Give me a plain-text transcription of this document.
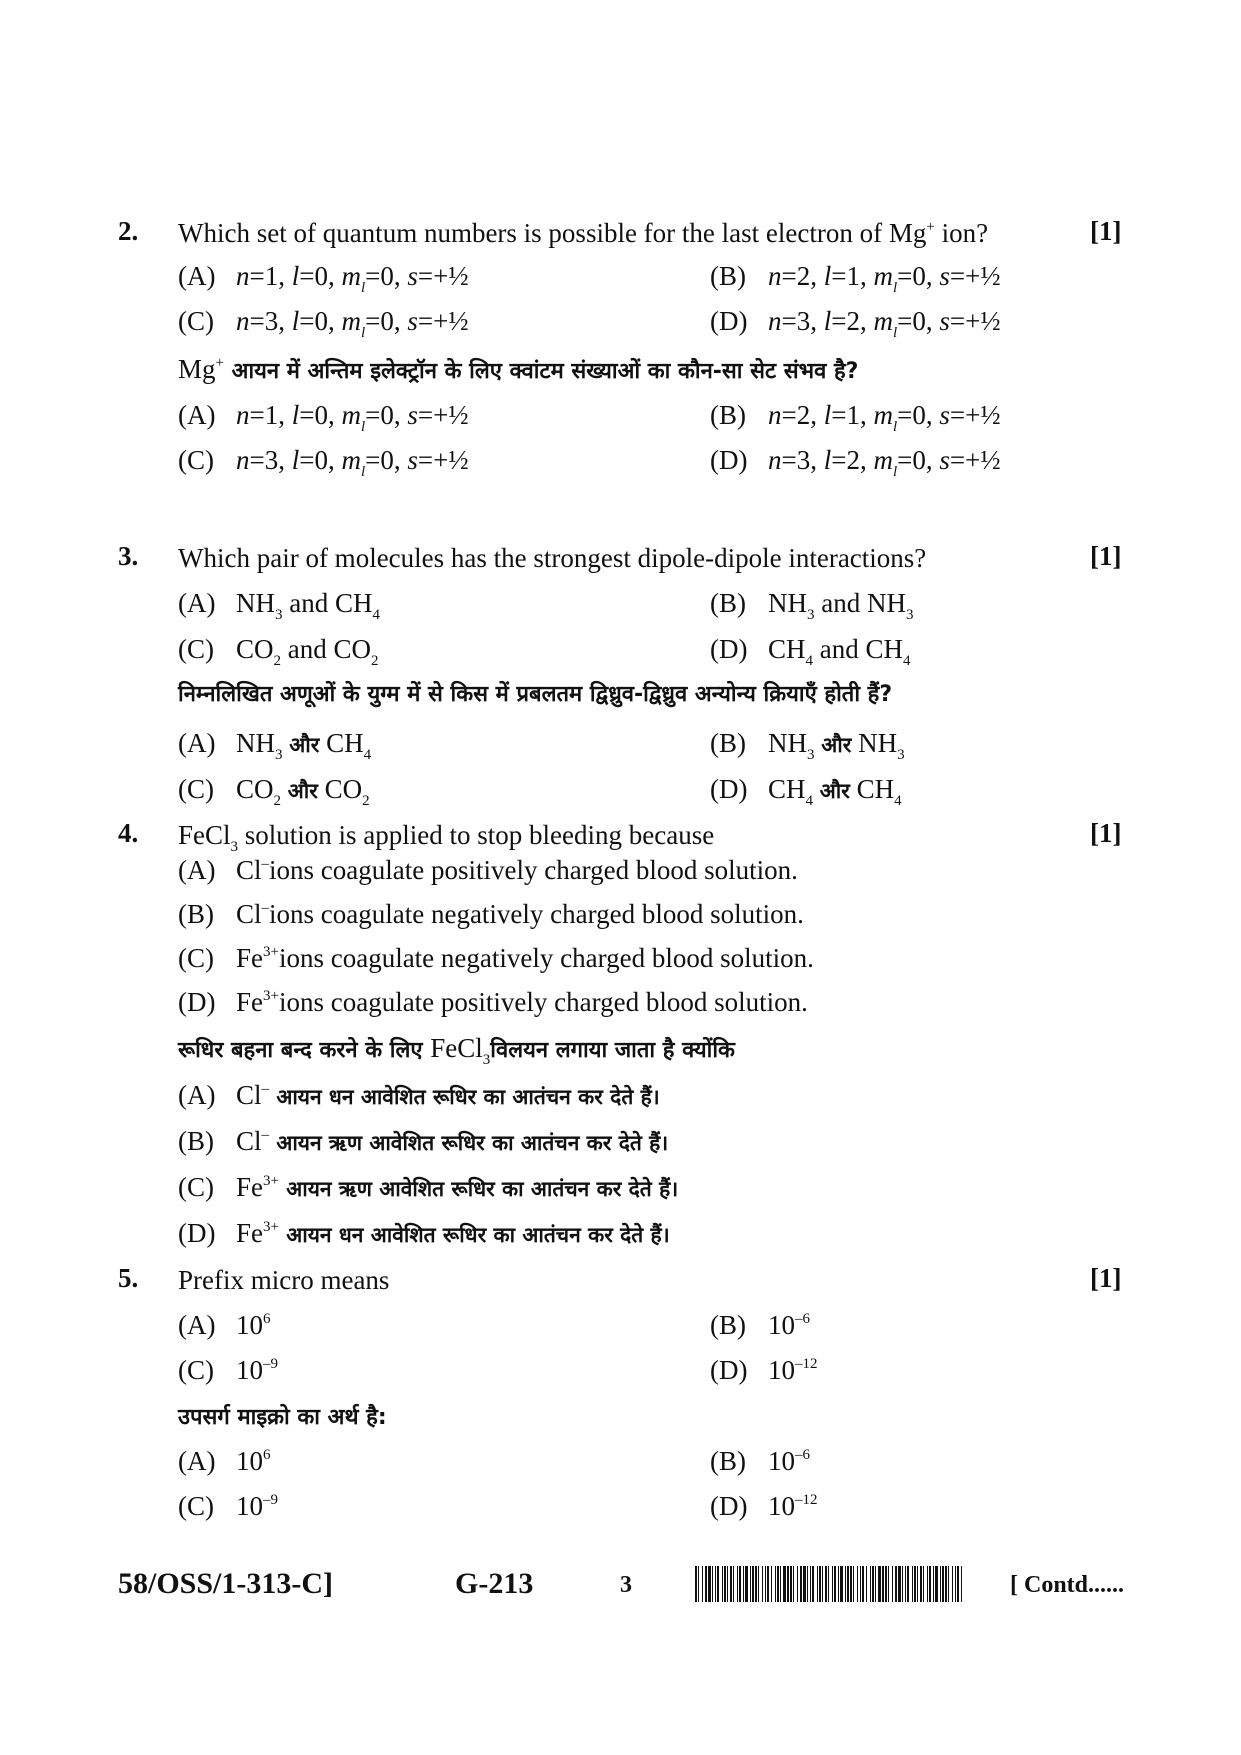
2. Which set of quantum numbers is possible for the last electron of Mg+ ion?	[1]
(A) n=1, l=0, $m_l=0$, s=+½	(B) n=2, l=1, $m_l=0$, s=+½
(C) n=3, l=0, $m_l=0$, s=+½	(D) n=3, l=2, $m_l=0$, s=+½
Mg+ आयन में अन्तिम इलेक्ट्रॉन के लिए क्वांटम संख्याओं का कौन-सा सेट संभव है?
(A) n=1, l=0, $m_l=0$, s=+½	(B) n=2, l=1, $m_l=0$, s=+½
(C) n=3, l=0, $m_l=0$, s=+½	(D) n=3, l=2, $m_l=0$, s=+½
3. Which pair of molecules has the strongest dipole-dipole interactions?	[1]
(A) $NH_3$ and $CH_4$	(B) $NH_3$ and $NH_3$
(C) $CO_2$ and $CO_2$	(D) $CH_4$ and $CH_4$
निम्नलिखित अणूओं के युग्म में से किस में प्रबलतम द्विध्रुव-द्विध्रुव अन्योन्य क्रियाएँ होती हैं?
(A) $NH_3$ और $CH_4$	(B) $NH_3$ और $NH_3$
(C) $CO_2$ और $CO_2$	(D) $CH_4$ और $CH_4$
4. FeCl$_3$ solution is applied to stop bleeding because	[1]
(A) Cl–ions coagulate positively charged blood solution.
(B) Cl–ions coagulate negatively charged blood solution.
(C) $Fe^{3+}ions$ coagulate negatively charged blood solution.
(D) $Fe^{3+}ions$ coagulate positively charged blood solution.
रूधिर बहना बन्द करने के लिए FeCl$_3$विलयन लगाया जाता है क्योंकि
(A) Cl– आयन धन आवेशित रूधिर का आतंचन कर देते हैं।
(B) Cl– आयन ऋण आवेशित रूधिर का आतंचन कर देते हैं।
(C) $Fe^{3+}$ आयन ऋण आवेशित रूधिर का आतंचन कर देते हैं।
(D) $Fe^{3+}$ आयन धन आवेशित रूधिर का आतंचन कर देते हैं।
5. Prefix micro means	[1]
(A) $10^6$	(B) $10^{-6}$
(C) $10^{-9}$	(D) $10^{-12}$
उपसर्ग माइक्रो का अर्थ है:
(A) $10^6$	(B) $10^{-6}$
(C) $10^{-9}$	(D) $10^{-12}$
58/OSS/1-313-C]	G-213	3	[ Contd......
